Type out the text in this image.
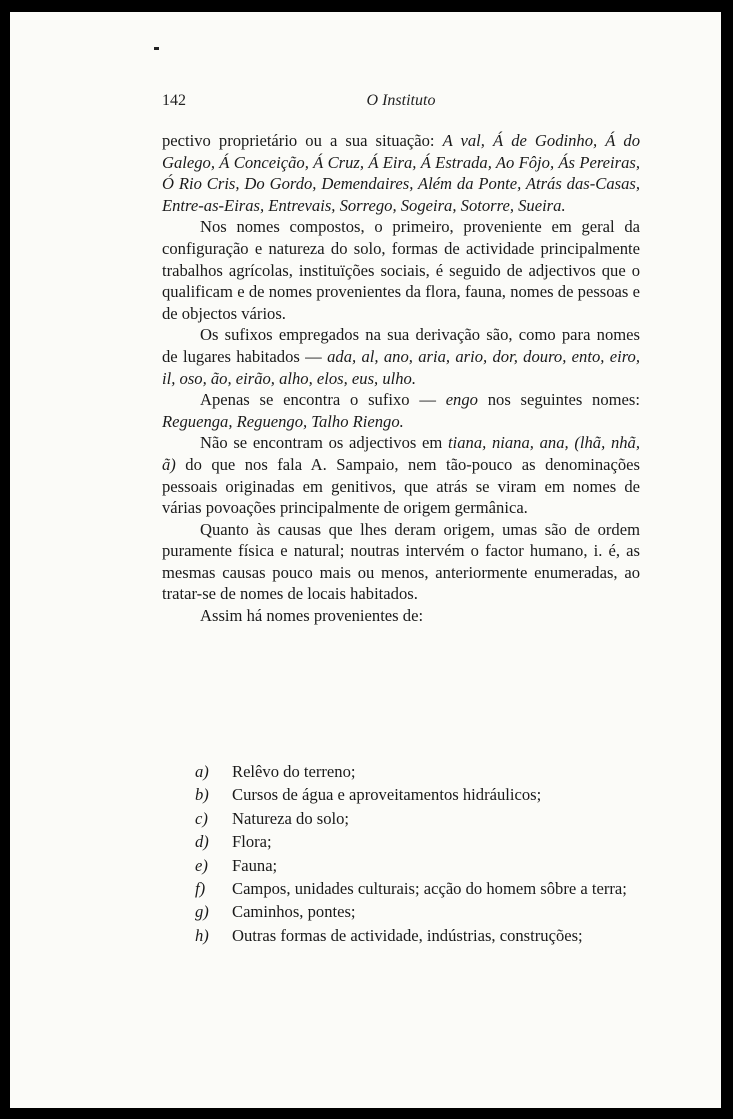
142	O Instituto

pectivo proprietário ou a sua situação: A val, Á de Godinho, Á do Galego, Á Conceição, Á Cruz, Á Eira, Á Estrada, Ao Fôjo, Ás Pereiras, Ó Rio Cris, Do Gordo, Demendaires, Além da Ponte, Atrás das-Casas, Entre-as-Eiras, Entrevais, Sorrego, Sogeira, Sotorre, Sueira.

Nos nomes compostos, o primeiro, proveniente em geral da configuração e natureza do solo, formas de actividade principalmente trabalhos agrícolas, instituïções sociais, é seguido de adjectivos que o qualificam e de nomes provenientes da flora, fauna, nomes de pessoas e de objectos vários.

Os sufixos empregados na sua derivação são, como para nomes de lugares habitados — ada, al, ano, aria, ario, dor, douro, ento, eiro, il, oso, ão, eirão, alho, elos, eus, ulho.

Apenas se encontra o sufixo — engo nos seguintes nomes: Reguenga, Reguengo, Talho Riengo.

Não se encontram os adjectivos em tiana, niana, ana, (lhã, nhã, ã) do que nos fala A. Sampaio, nem tão-pouco as denominações pessoais originadas em genitivos, que atrás se viram em nomes de várias povoações principalmente de origem germânica.

Quanto às causas que lhes deram origem, umas são de ordem puramente física e natural; noutras intervém o factor humano, i. é, as mesmas causas pouco mais ou menos, anteriormente enumeradas, ao tratar-se de nomes de locais habitados.

Assim há nomes provenientes de:

a) Relêvo do terreno;
b) Cursos de água e aproveitamentos hidráulicos;
c) Natureza do solo;
d) Flora;
e) Fauna;
f) Campos, unidades culturais; acção do homem sôbre a terra;
g) Caminhos, pontes;
h) Outras formas de actividade, indústrias, construções;
